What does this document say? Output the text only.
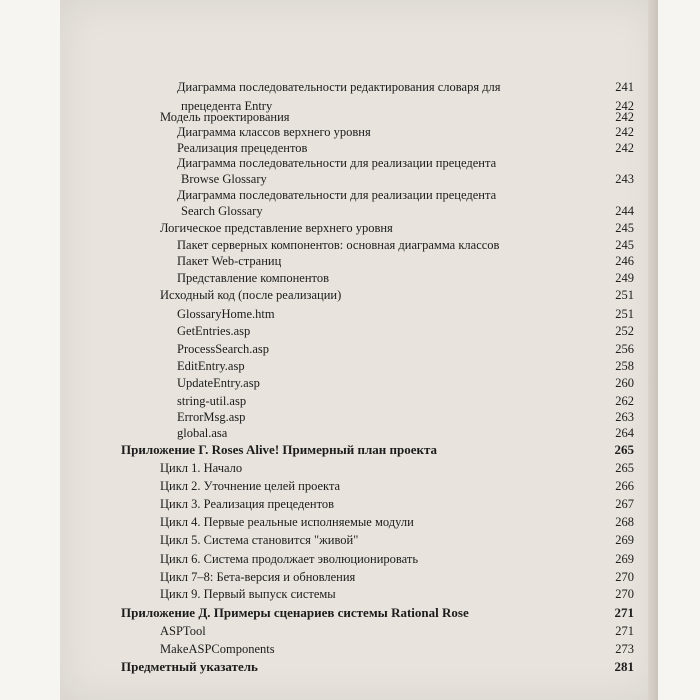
Диаграмма последовательности редактирования словаря для	241
прецедента Entry	242
Модель проектирования	242
Диаграмма классов верхнего уровня	242
Реализация прецедентов	242
Диаграмма последовательности для реализации прецедента
Browse Glossary	243
Диаграмма последовательности для реализации прецедента
Search Glossary	244
Логическое представление верхнего уровня	245
Пакет серверных компонентов: основная диаграмма классов	245
Пакет Web-страниц	246
Представление компонентов	249
Исходный код (после реализации)	251
GlossaryHome.htm	251
GetEntries.asp	252
ProcessSearch.asp	256
EditEntry.asp	258
UpdateEntry.asp	260
string-util.asp	262
ErrorMsg.asp	263
global.asa	264
Приложение Г. Roses Alive! Примерный план проекта	265
Цикл 1. Начало	265
Цикл 2. Уточнение целей проекта	266
Цикл 3. Реализация прецедентов	267
Цикл 4. Первые реальные исполняемые модули	268
Цикл 5. Система становится "живой"	269
Цикл 6. Система продолжает эволюционировать	269
Цикл 7–8: Бета-версия и обновления	270
Цикл 9. Первый выпуск системы	270
Приложение Д. Примеры сценариев системы Rational Rose	271
ASPTool	271
MakeASPComponents	273
Предметный указатель	281
